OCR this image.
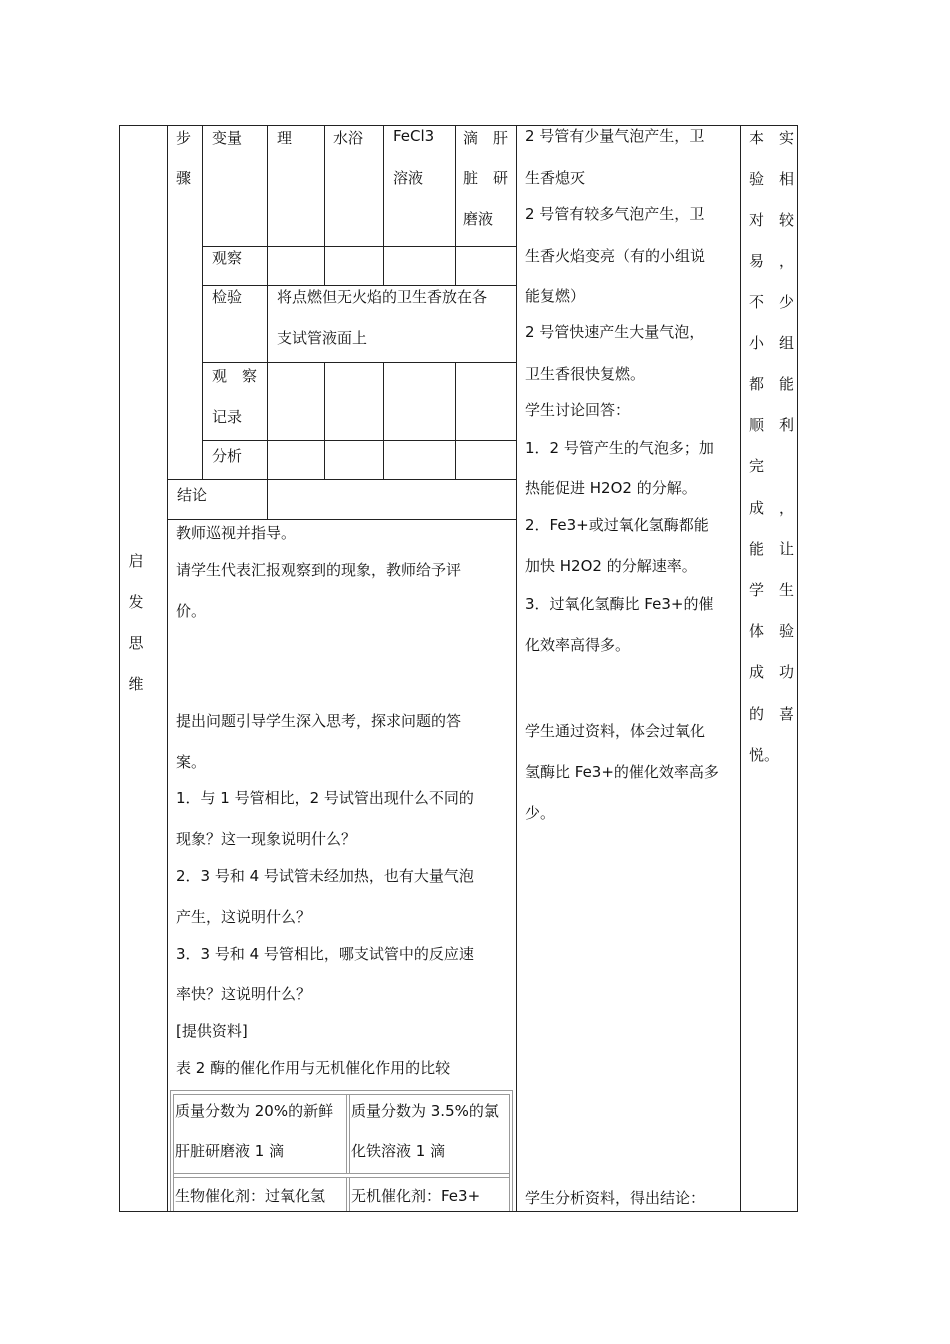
启
发
思
维
步
骤
变量 理	水浴 FeCl3
溶液
滴　肝
脏　研
磨液
观察
检验 将点燃但无火焰的卫生香放在各
支试管液面上
观　察
记录
分析
结论
教师巡视并指导。
请学生代表汇报观察到的现象，教师给予评
价。
提出问题引导学生深入思考，探求问题的答
案。
1．与 1 号管相比，2 号试管出现什么不同的
现象？这一现象说明什么？
2．3 号和 4 号试管未经加热，也有大量气泡
产生，这说明什么？
3．3 号和 4 号管相比，哪支试管中的反应速
率快？这说明什么？
[提供资料]
表 2 酶的催化作用与无机催化作用的比较
质量分数为 20%的新鲜
肝脏研磨液 1 滴
质量分数为 3.5%的氯
化铁溶液 1 滴
生物催化剂：过氧化氢	无机催化剂：Fe3+
2 号管有少量气泡产生，卫
生香熄灭
2 号管有较多气泡产生，卫
生香火焰变亮（有的小组说
能复燃）
2 号管快速产生大量气泡，
卫生香很快复燃。
学生讨论回答：
1．2 号管产生的气泡多；加
热能促进 H2O2 的分解。
2．Fe3+或过氧化氢酶都能
加快 H2O2 的分解速率。
3．过氧化氢酶比 Fe3+的催
化效率高得多。
学生通过资料，体会过氧化
氢酶比 Fe3+的催化效率高多
少。
学生分析资料，得出结论：
本　实
验　相
对　较
易　，
不　少
小　组
都　能
顺　利
完
成　，
能　让
学　生
体　验
成　功
的　喜
悦。
